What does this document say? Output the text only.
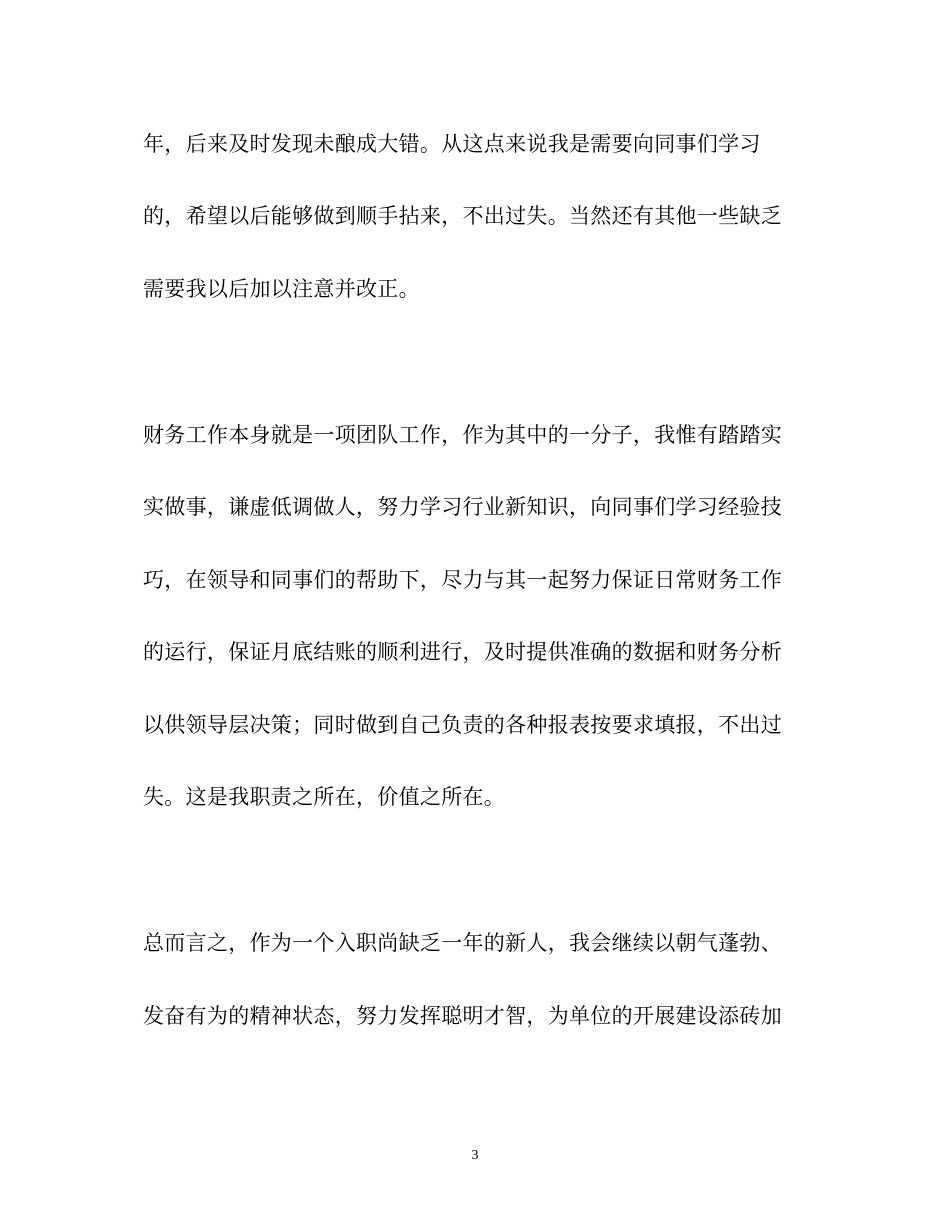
年，后来及时发现未酿成大错。从这点来说我是需要向同事们学习
的，希望以后能够做到顺手拈来，不出过失。当然还有其他一些缺乏
需要我以后加以注意并改正。
财务工作本身就是一项团队工作，作为其中的一分子，我惟有踏踏实
实做事，谦虚低调做人，努力学习行业新知识，向同事们学习经验技
巧，在领导和同事们的帮助下，尽力与其一起努力保证日常财务工作
的运行，保证月底结账的顺利进行，及时提供准确的数据和财务分析
以供领导层决策；同时做到自己负责的各种报表按要求填报，不出过
失。这是我职责之所在，价值之所在。
总而言之，作为一个入职尚缺乏一年的新人，我会继续以朝气蓬勃、
发奋有为的精神状态，努力发挥聪明才智，为单位的开展建设添砖加
3
